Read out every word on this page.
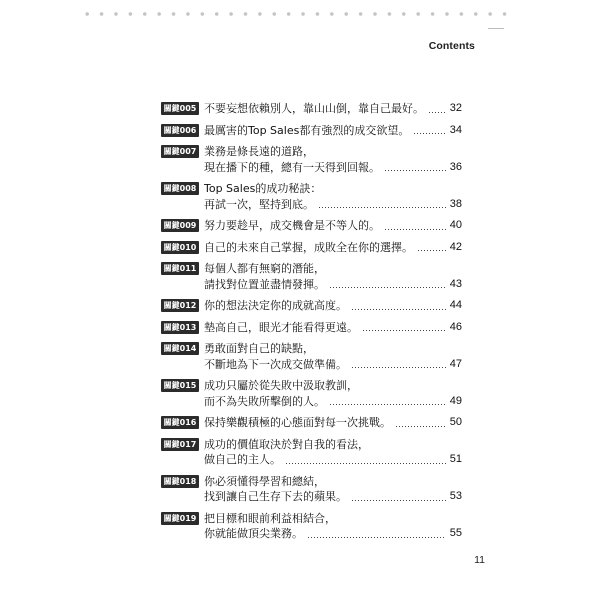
Contents
關鍵005 不要妄想依賴別人，靠山山倒，靠自己最好。 32
關鍵006 最厲害的Top Sales都有強烈的成交欲望。	34
關鍵007 業務是條長遠的道路，
現在播下的種，總有一天得到回報。	36
關鍵008 Top Sales的成功秘訣：
再試一次，堅持到底。	38
關鍵009 努力要趁早，成交機會是不等人的。	40
關鍵010 自己的未來自己掌握，成敗全在你的選擇。	42
關鍵011 每個人都有無窮的潛能，
請找對位置並盡情發揮。	43
關鍵012 你的想法決定你的成就高度。	44
關鍵013 墊高自己，眼光才能看得更遠。	46
關鍵014 勇敢面對自己的缺點，
不斷地為下一次成交做準備。	47
關鍵015 成功只屬於從失敗中汲取教訓，
而不為失敗所擊倒的人。	49
關鍵016 保持樂觀積極的心態面對每一次挑戰。	50
關鍵017 成功的價值取決於對自我的看法，
做自己的主人。	51
關鍵018 你必須懂得學習和總結，
找到讓自己生存下去的蘋果。	53
關鍵019 把目標和眼前利益相結合，
你就能做頂尖業務。	55
11
